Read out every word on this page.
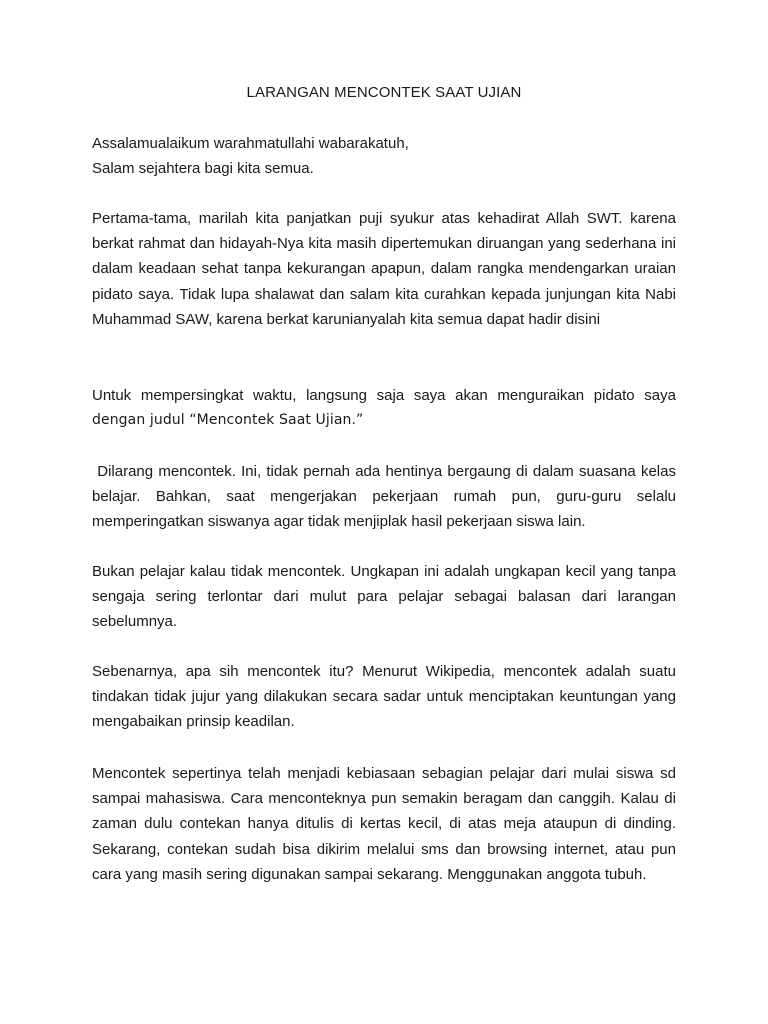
LARANGAN MENCONTEK SAAT UJIAN
Assalamualaikum warahmatullahi wabarakatuh,
Salam sejahtera bagi kita semua.

Pertama-tama, marilah kita panjatkan puji syukur atas kehadirat Allah SWT. karena berkat rahmat dan hidayah-Nya kita masih dipertemukan diruangan yang sederhana ini dalam keadaan sehat tanpa kekurangan apapun, dalam rangka mendengarkan uraian pidato saya. Tidak lupa shalawat dan salam kita curahkan kepada junjungan kita Nabi Muhammad SAW, karena berkat karunianyalah kita semua dapat hadir disini

Untuk mempersingkat waktu, langsung saja saya akan menguraikan pidato saya
dengan judul “Mencontek Saat Ujian.”

Dilarang mencontek. Ini, tidak pernah ada hentinya bergaung di dalam suasana kelas belajar. Bahkan, saat mengerjakan pekerjaan rumah pun, guru-guru selalu memperingatkan siswanya agar tidak menjiplak hasil pekerjaan siswa lain.

Bukan pelajar kalau tidak mencontek. Ungkapan ini adalah ungkapan kecil yang tanpa sengaja sering terlontar dari mulut para pelajar sebagai balasan dari larangan sebelumnya.

Sebenarnya, apa sih mencontek itu? Menurut Wikipedia, mencontek adalah suatu tindakan tidak jujur yang dilakukan secara sadar untuk menciptakan keuntungan yang mengabaikan prinsip keadilan.

Mencontek sepertinya telah menjadi kebiasaan sebagian pelajar dari mulai siswa sd sampai mahasiswa. Cara menconteknya pun semakin beragam dan canggih. Kalau di zaman dulu contekan hanya ditulis di kertas kecil, di atas meja ataupun di dinding. Sekarang, contekan sudah bisa dikirim melalui sms dan browsing internet, atau pun cara yang masih sering digunakan sampai sekarang. Menggunakan anggota tubuh.
